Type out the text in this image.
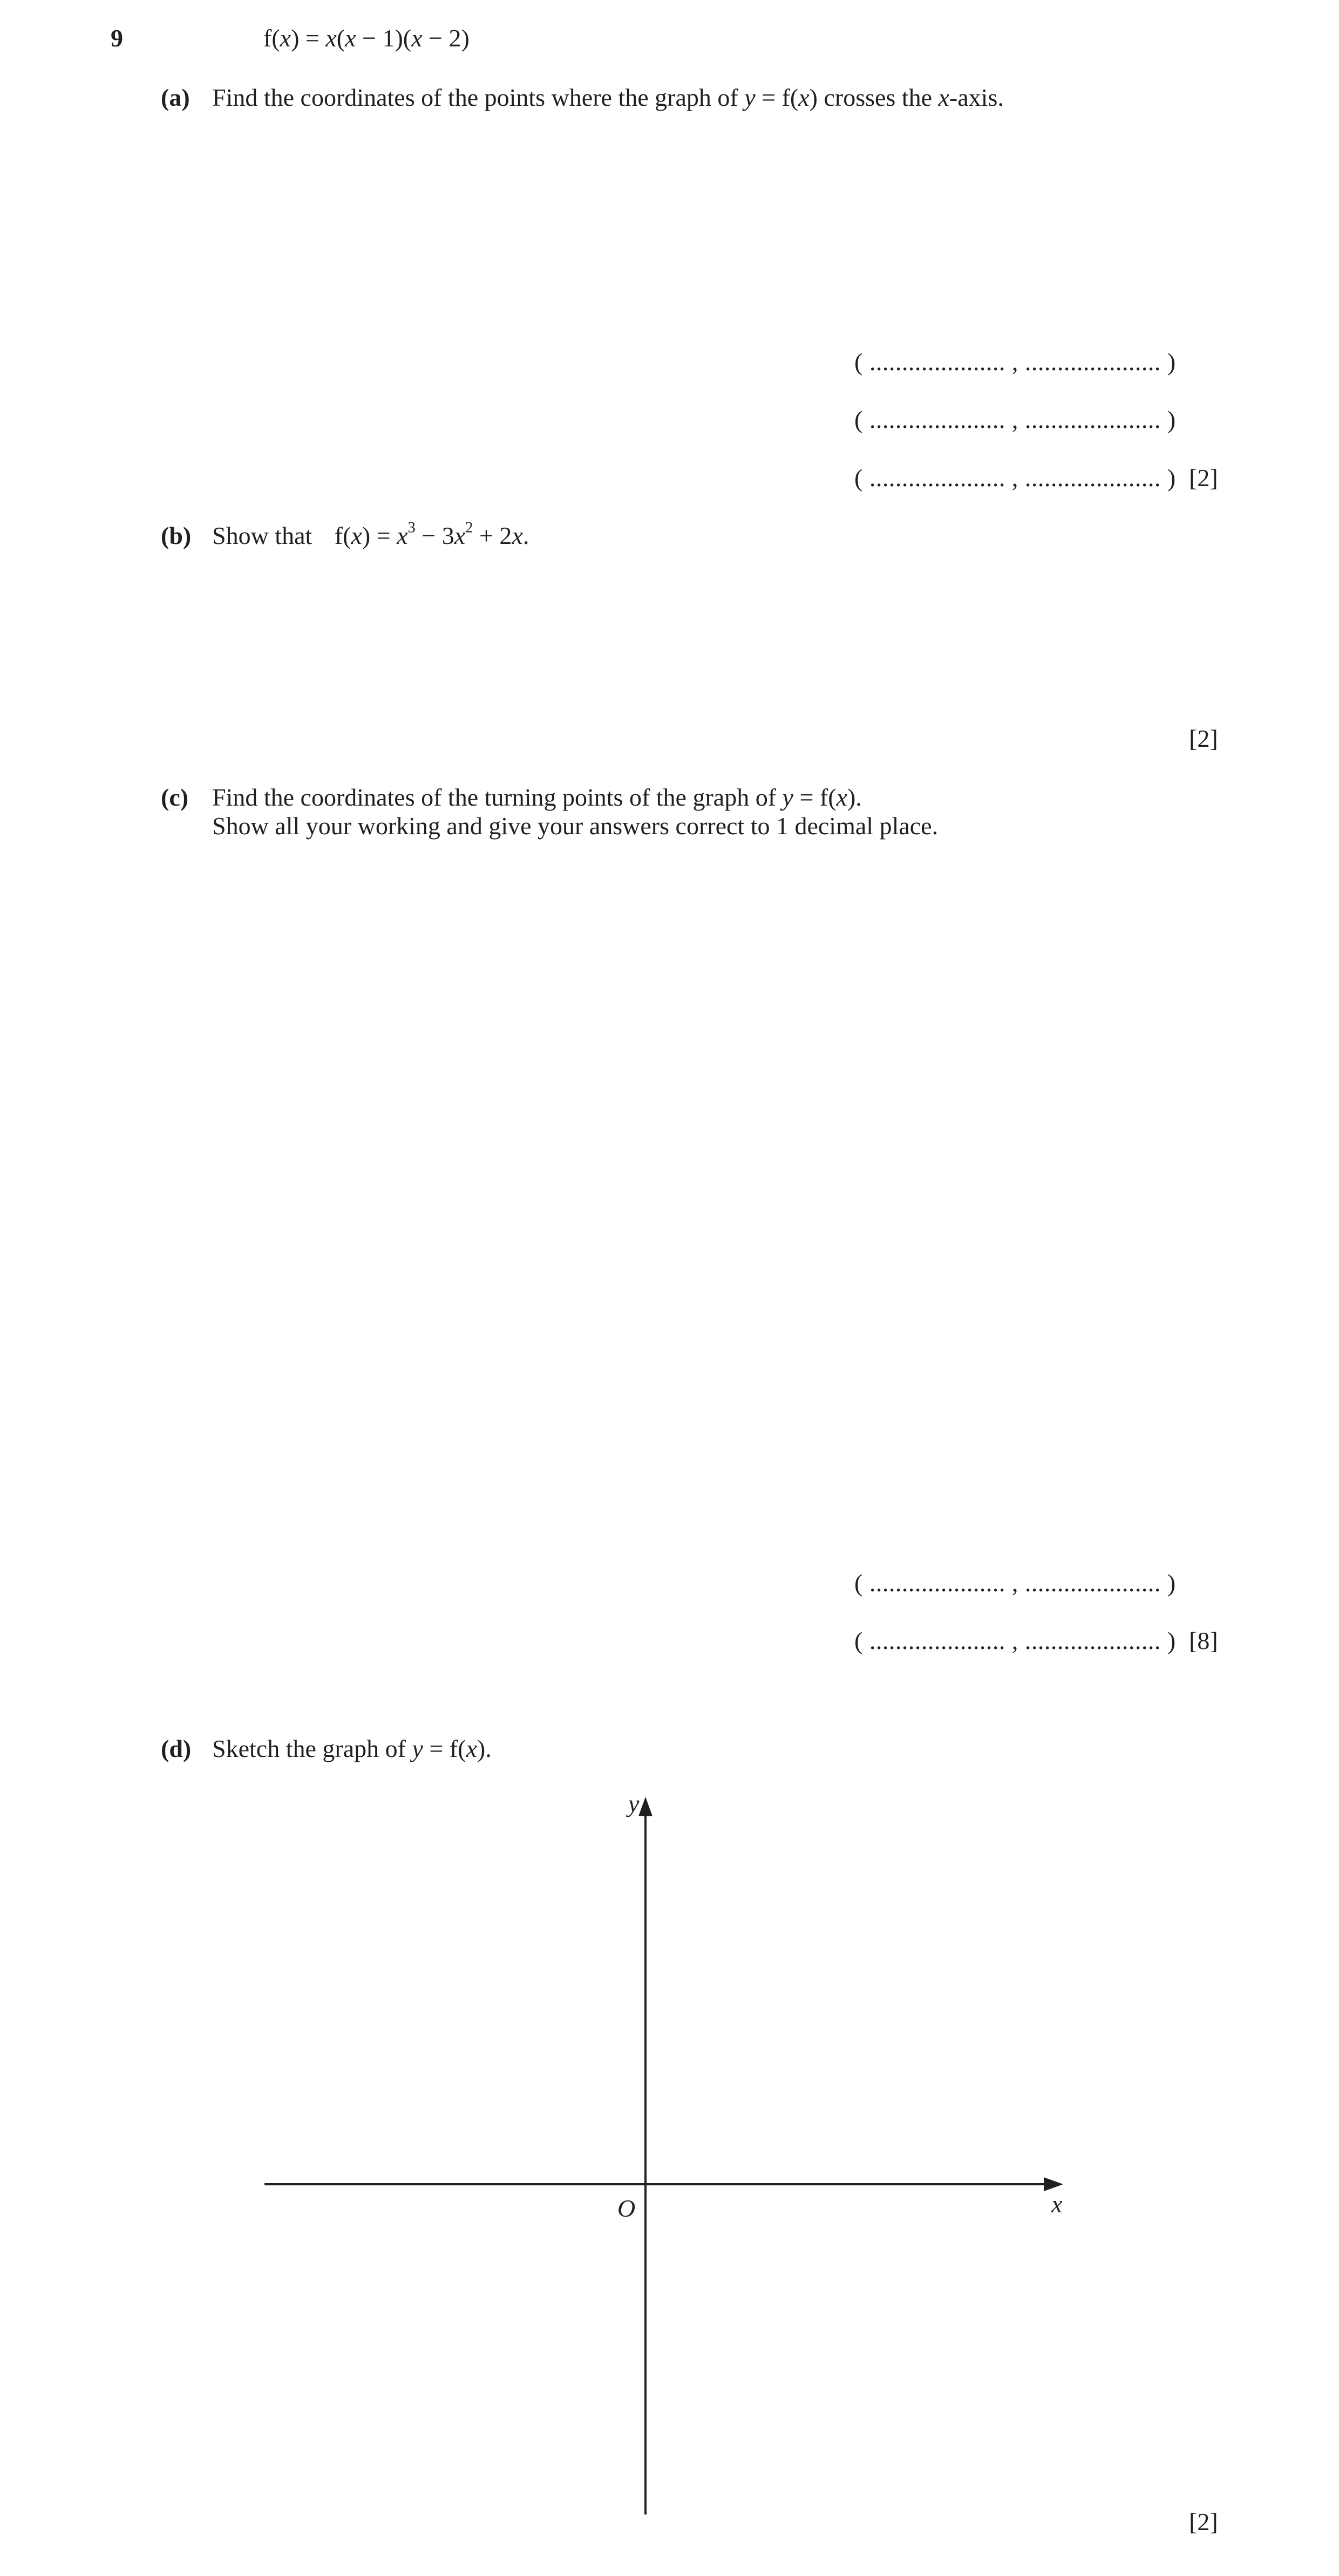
9	f(x) = x(x − 1)(x − 2)
(a) Find the coordinates of the points where the graph of y = f(x) crosses the x-axis.
( ..................... , ..................... )
( ..................... , ..................... )
( ..................... , ..................... ) [2]
(b) Show that $f(x) = x^3 - 3x^2 + 2x$.
[2]
(c) Find the coordinates of the turning points of the graph of y = f(x).
Show all your working and give your answers correct to 1 decimal place.
( ..................... , ..................... )
( ..................... , ..................... ) [8]
(d) Sketch the graph of y = f(x).
y
x
O
[2]
